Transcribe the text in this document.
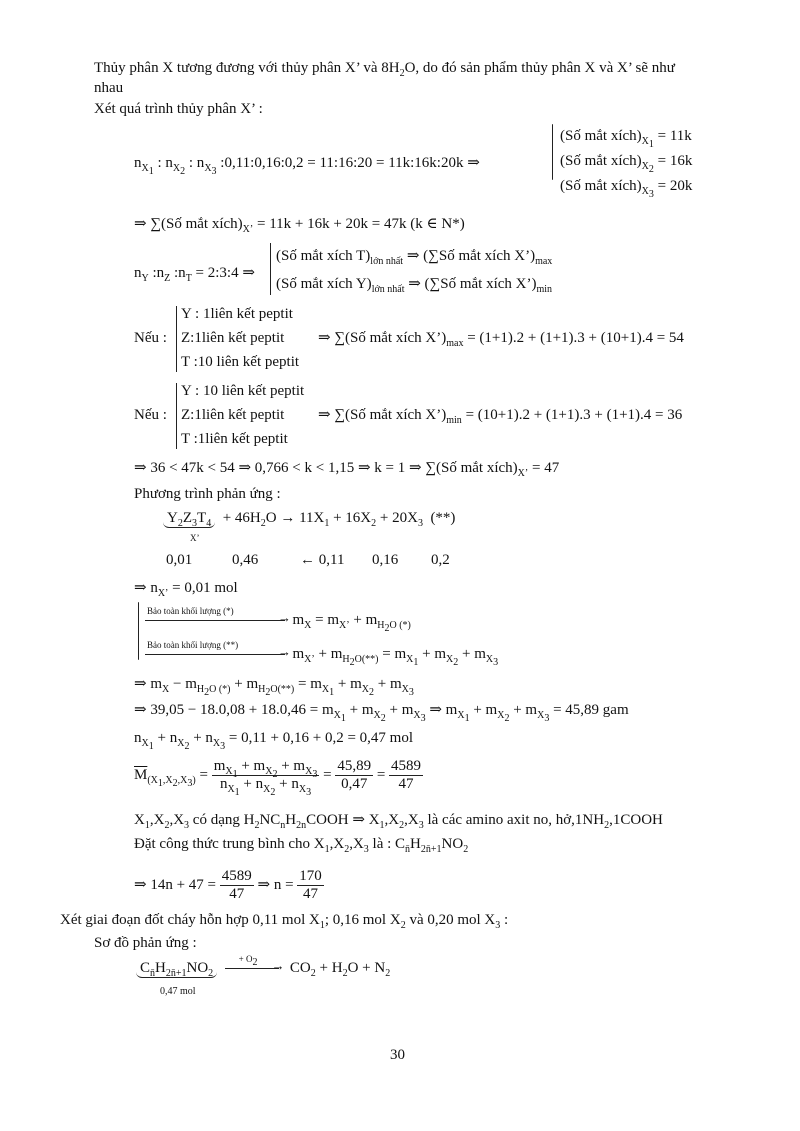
Thủy phân X tương đương với thủy phân X’ và $8H_2O$, do đó sản phẩm thủy phân X và X’ sẽ như
nhau
Xét quá trình thủy phân X’ :
$n_{X_1}$ : $n_{X_2}$ : $n_{X_3}$ :0,11:0,16:0,2 = 11:16:20 = 11k:16k:20k ⇒
(Số mắt $xích)_{X_1} = 11k$
(Số mắt $xích)_{X_2} = 16k$
(Số mắt $xích)_{X_3} = 20k$
⇒ ∑(Số mắt $xích)_{X’} = 11k + 16k + 20k = 47k$ (k ∈ N*)
$n_Y$ $:n_Z$ $:n_T$ = 2:3:4 ⇒
(Số mắt xích $T)_{lớn nhất}$ ⇒ (∑Số mắt xích $X’)_{max}$
(Số mắt xích $Y)_{lớn nhất}$ ⇒ (∑Số mắt xích $X’)_{min}$
Nếu :
Y : 1liên kết peptit
Z:1liên kết peptit
T :10 liên kết peptit
⇒ ∑(Số mắt xích $X’)_{max} = (1+1).2 + (1+1).3 + (10+1).4 = 54$
Nếu :
Y : 10 liên kết peptit
Z:1liên kết peptit
T :1liên kết peptit
⇒ ∑(Số mắt xích $X’)_{min} = (10+1).2 + (1+1).3 + (1+1).4 = 36$
⇒ 36 < 47k < 54 ⇒ 0,766 < k < 1,15 ⇒ k = 1 ⇒ ∑(Số mắt $xích)_{X’} = 47$
Phương trình phản ứng :
$Y_2Z_3T_4 + 46H_2O \to 11X_1 + 16X_2 + 20X_3$ (**)
X’
0,01	0,46	← 0,11 0,16 0,2
⇒ $n_{X’} = 0,01$ mol
Bảo toàn khối lượng (*)
→  $m_X = m_{X’} + m_{H_2O (*)}$
Bảo toàn khối lượng (**)
→  $m_{X’} + m_{H_2O(**)} = m_{X_1} + m_{X_2} + m_{X_3}$
⇒ $m_X - m_{H_2O (*)} + m_{H_2O(**)} = m_{X_1} + m_{X_2} + m_{X_3}$
⇒ $39,05 - 18.0,08 + 18.0,46 = m_{X_1} + m_{X_2} + m_{X_3}$ ⇒ $m_{X_1} + m_{X_2} + m_{X_3} = 45,89$ gam
$n_{X_1} + n_{X_2} + n_{X_3} = 0,11 + 0,16 + 0,2 = 0,47$ mol
$\overline{M}_{(X_1,X_2,X_3)} = \frac{m_{X_1} + m_{X_2} + m_{X_3}}{n_{X_1} + n_{X_2} + n_{X_3}} = \frac{45,89}{0,47} = \frac{4589}{47}$
$X_1,X_2,X_3$ có dạng $H_2NC_nH_{2n}COOH$ ⇒ $X_1,X_2,X_3$ là các amino axit no, $hở,1NH_2,1COOH$
Đặt công thức trung bình cho $X_1,X_2,X_3$ là : $C_{n̄}H_{2n̄+1}NO_2$
⇒ $14n + 47 = \frac{4589}{47}$ ⇒ $n = \frac{170}{47}$
Xét giai đoạn đốt cháy hỗn hợp 0,11 mol $X_1$; 0,16 mol $X_2$ và 0,20 mol $X_3$ :
Sơ đồ phản ứng :
$C_{n̄}H_{2n̄+1}NO_2$
+ $O_2$
→ $CO_2 + H_2O + N_2$
0,47 mol
30
